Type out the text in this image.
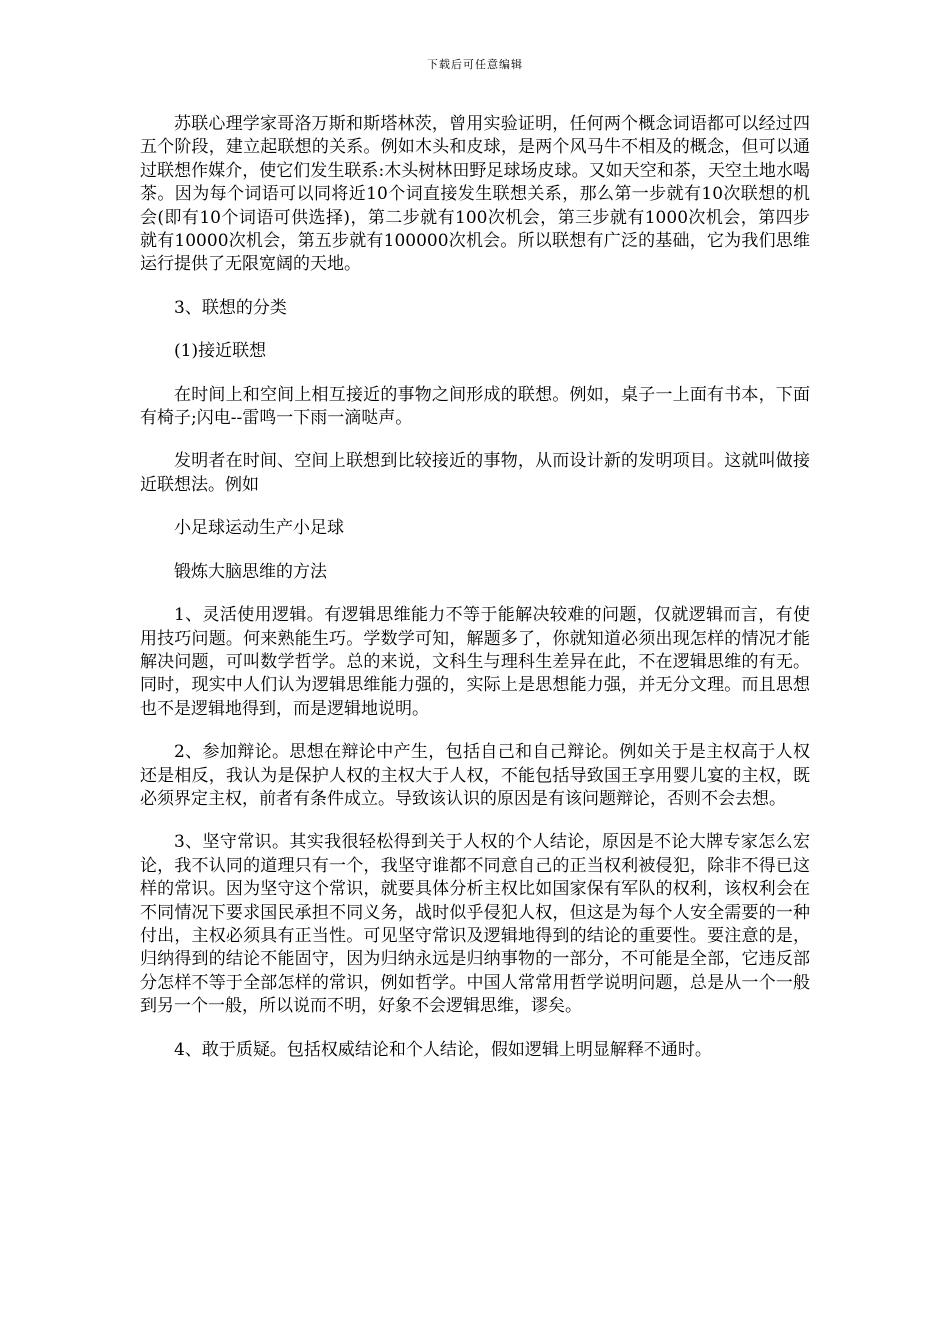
下载后可任意编辑

苏联心理学家哥洛万斯和斯塔林茨，曾用实验证明，任何两个概念词语都可以经过四五个阶段，建立起联想的关系。例如木头和皮球，是两个风马牛不相及的概念，但可以通过联想作媒介，使它们发生联系:木头树林田野足球场皮球。又如天空和茶，天空土地水喝茶。因为每个词语可以同将近10个词直接发生联想关系，那么第一步就有10次联想的机会(即有10个词语可供选择)，第二步就有100次机会，第三步就有1000次机会，第四步就有10000次机会，第五步就有100000次机会。所以联想有广泛的基础，它为我们思维运行提供了无限宽阔的天地。

3、联想的分类

(1)接近联想

在时间上和空间上相互接近的事物之间形成的联想。例如，桌子一上面有书本，下面有椅子;闪电--雷鸣一下雨一滴哒声。

发明者在时间、空间上联想到比较接近的事物，从而设计新的发明项目。这就叫做接近联想法。例如

小足球运动生产小足球

锻炼大脑思维的方法

1、灵活使用逻辑。有逻辑思维能力不等于能解决较难的问题，仅就逻辑而言，有使用技巧问题。何来熟能生巧。学数学可知，解题多了，你就知道必须出现怎样的情况才能解决问题，可叫数学哲学。总的来说，文科生与理科生差异在此，不在逻辑思维的有无。同时，现实中人们认为逻辑思维能力强的，实际上是思想能力强，并无分文理。而且思想也不是逻辑地得到，而是逻辑地说明。

2、参加辩论。思想在辩论中产生，包括自己和自己辩论。例如关于是主权高于人权还是相反，我认为是保护人权的主权大于人权，不能包括导致国王享用婴儿宴的主权，既必须界定主权，前者有条件成立。导致该认识的原因是有该问题辩论，否则不会去想。

3、坚守常识。其实我很轻松得到关于人权的个人结论，原因是不论大牌专家怎么宏论，我不认同的道理只有一个，我坚守谁都不同意自己的正当权利被侵犯，除非不得已这样的常识。因为坚守这个常识，就要具体分析主权比如国家保有军队的权利，该权利会在不同情况下要求国民承担不同义务，战时似乎侵犯人权，但这是为每个人安全需要的一种付出，主权必须具有正当性。可见坚守常识及逻辑地得到的结论的重要性。要注意的是，归纳得到的结论不能固守，因为归纳永远是归纳事物的一部分，不可能是全部，它违反部分怎样不等于全部怎样的常识，例如哲学。中国人常常用哲学说明问题，总是从一个一般到另一个一般，所以说而不明，好象不会逻辑思维，谬矣。

4、敢于质疑。包括权威结论和个人结论，假如逻辑上明显解释不通时。
